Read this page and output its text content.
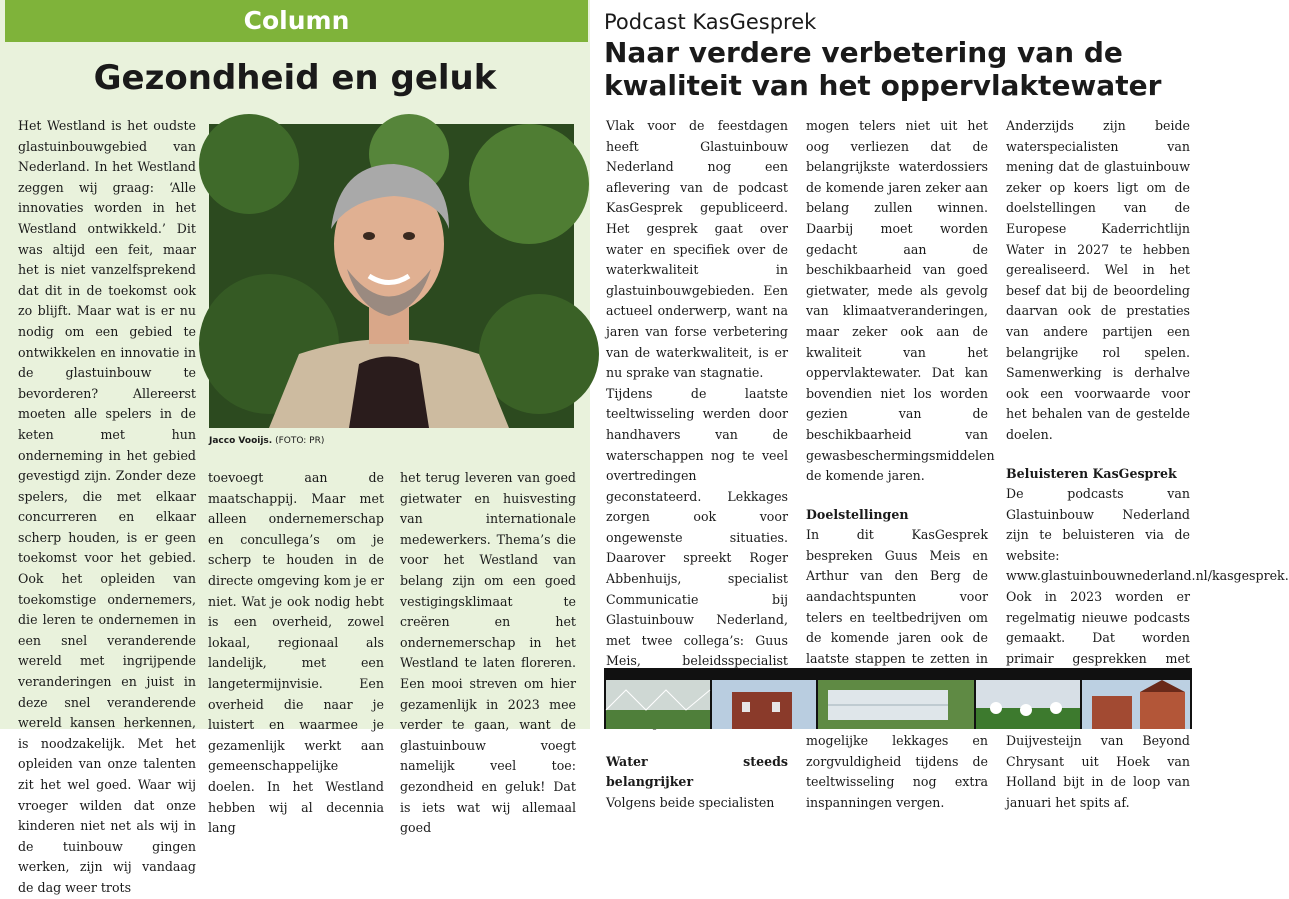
Column
Gezondheid en geluk

Het Westland is het oudste glastuinbouwgebied van Nederland. In het Westland zeggen wij graag: ‘Alle innovaties worden in het Westland ontwikkeld.’ Dit was altijd een feit, maar het is niet vanzelfsprekend dat dit in de toekomst ook zo blijft. Maar wat is er nu nodig om een gebied te ontwikkelen en innovatie in de glastuinbouw te bevorderen? Allereerst moeten alle spelers in de keten met hun onderneming in het gebied gevestigd zijn. Zonder deze spelers, die met elkaar concurreren en elkaar scherp houden, is er geen toekomst voor het gebied. Ook het opleiden van toekomstige ondernemers, die leren te ondernemen in een snel veranderende wereld met ingrijpende veranderingen en juist in deze snel veranderende wereld kansen herkennen, is noodzakelijk. Met het opleiden van onze talenten zit het wel goed. Waar wij vroeger wilden dat onze kinderen niet net als wij in de tuinbouw gingen werken, zijn wij vandaag de dag weer trots

Jacco Vooijs. (FOTO: PR)

toevoegt aan de maatschappij. Maar met alleen ondernemerschap en concullega’s om je scherp te houden in de directe omgeving kom je er niet. Wat je ook nodig hebt is een overheid, zowel lokaal, regionaal als landelijk, met een langetermijnvisie. Een overheid die naar je luistert en waarmee je gezamenlijk werkt aan gemeenschappelijke doelen. In het Westland hebben wij al decennia lang

het terug leveren van goed gietwater en huisvesting van internationale medewerkers. Thema’s die voor het Westland van belang zijn om een goed vestigingsklimaat te creëren en het ondernemerschap in het Westland te laten floreren. Een mooi streven om hier gezamenlijk in 2023 mee verder te gaan, want de glastuinbouw voegt namelijk veel toe: gezondheid en geluk! Dat is iets wat wij allemaal goed

Podcast KasGesprek
Naar verdere verbetering van de kwaliteit van het oppervlaktewater

Vlak voor de feestdagen heeft Glastuinbouw Nederland nog een aflevering van de podcast KasGesprek gepubliceerd. Het gesprek gaat over water en specifiek over de waterkwaliteit in glastuinbouwgebieden. Een actueel onderwerp, want na jaren van forse verbetering van de waterkwaliteit, is er nu sprake van stagnatie.

Tijdens de laatste teeltwisseling werden door handhavers van de waterschappen nog te veel overtredingen geconstateerd. Lekkages zorgen ook voor ongewenste situaties. Daarover spreekt Roger Abbenhuijs, specialist Communicatie bij Glastuinbouw Nederland, met twee collega’s: Guus Meis, beleidsspecialist

Water steeds belangrijker

Volgens beide specialisten

mogen telers niet uit het oog verliezen dat de belangrijkste waterdossiers de komende jaren zeker aan belang zullen winnen. Daarbij moet worden gedacht aan de beschikbaarheid van goed gietwater, mede als gevolg van klimaatveranderingen, maar zeker ook aan de kwaliteit van het oppervlaktewater. Dat kan bovendien niet los worden gezien van de beschikbaarheid van gewasbeschermingsmiddelen de komende jaren.

Doelstellingen

In dit KasGesprek bespreken Guus Meis en Arthur van den Berg de aandachtspunten voor telers en teeltbedrijven om de komende jaren ook de laatste stappen te zetten in mogelijke lekkages en zorgvuldigheid tijdens de teeltwisseling nog extra inspanningen vergen.

Anderzijds zijn beide waterspecialisten van mening dat de glastuinbouw zeker op koers ligt om de doelstellingen van de Europese Kaderrichtlijn Water in 2027 te hebben gerealiseerd. Wel in het besef dat bij de beoordeling daarvan ook de prestaties van andere partijen een belangrijke rol spelen. Samenwerking is derhalve ook een voorwaarde voor het behalen van de gestelde doelen.

Beluisteren KasGesprek

De podcasts van Glastuinbouw Nederland zijn te beluisteren via de website: www.glastuinbouwnederland.nl/kasgesprek. Ook in 2023 worden er regelmatig nieuwe podcasts gemaakt. Dat worden primair gesprekken met Duijvesteijn van Beyond Chrysant uit Hoek van Holland bijt in de loop van januari het spits af.
